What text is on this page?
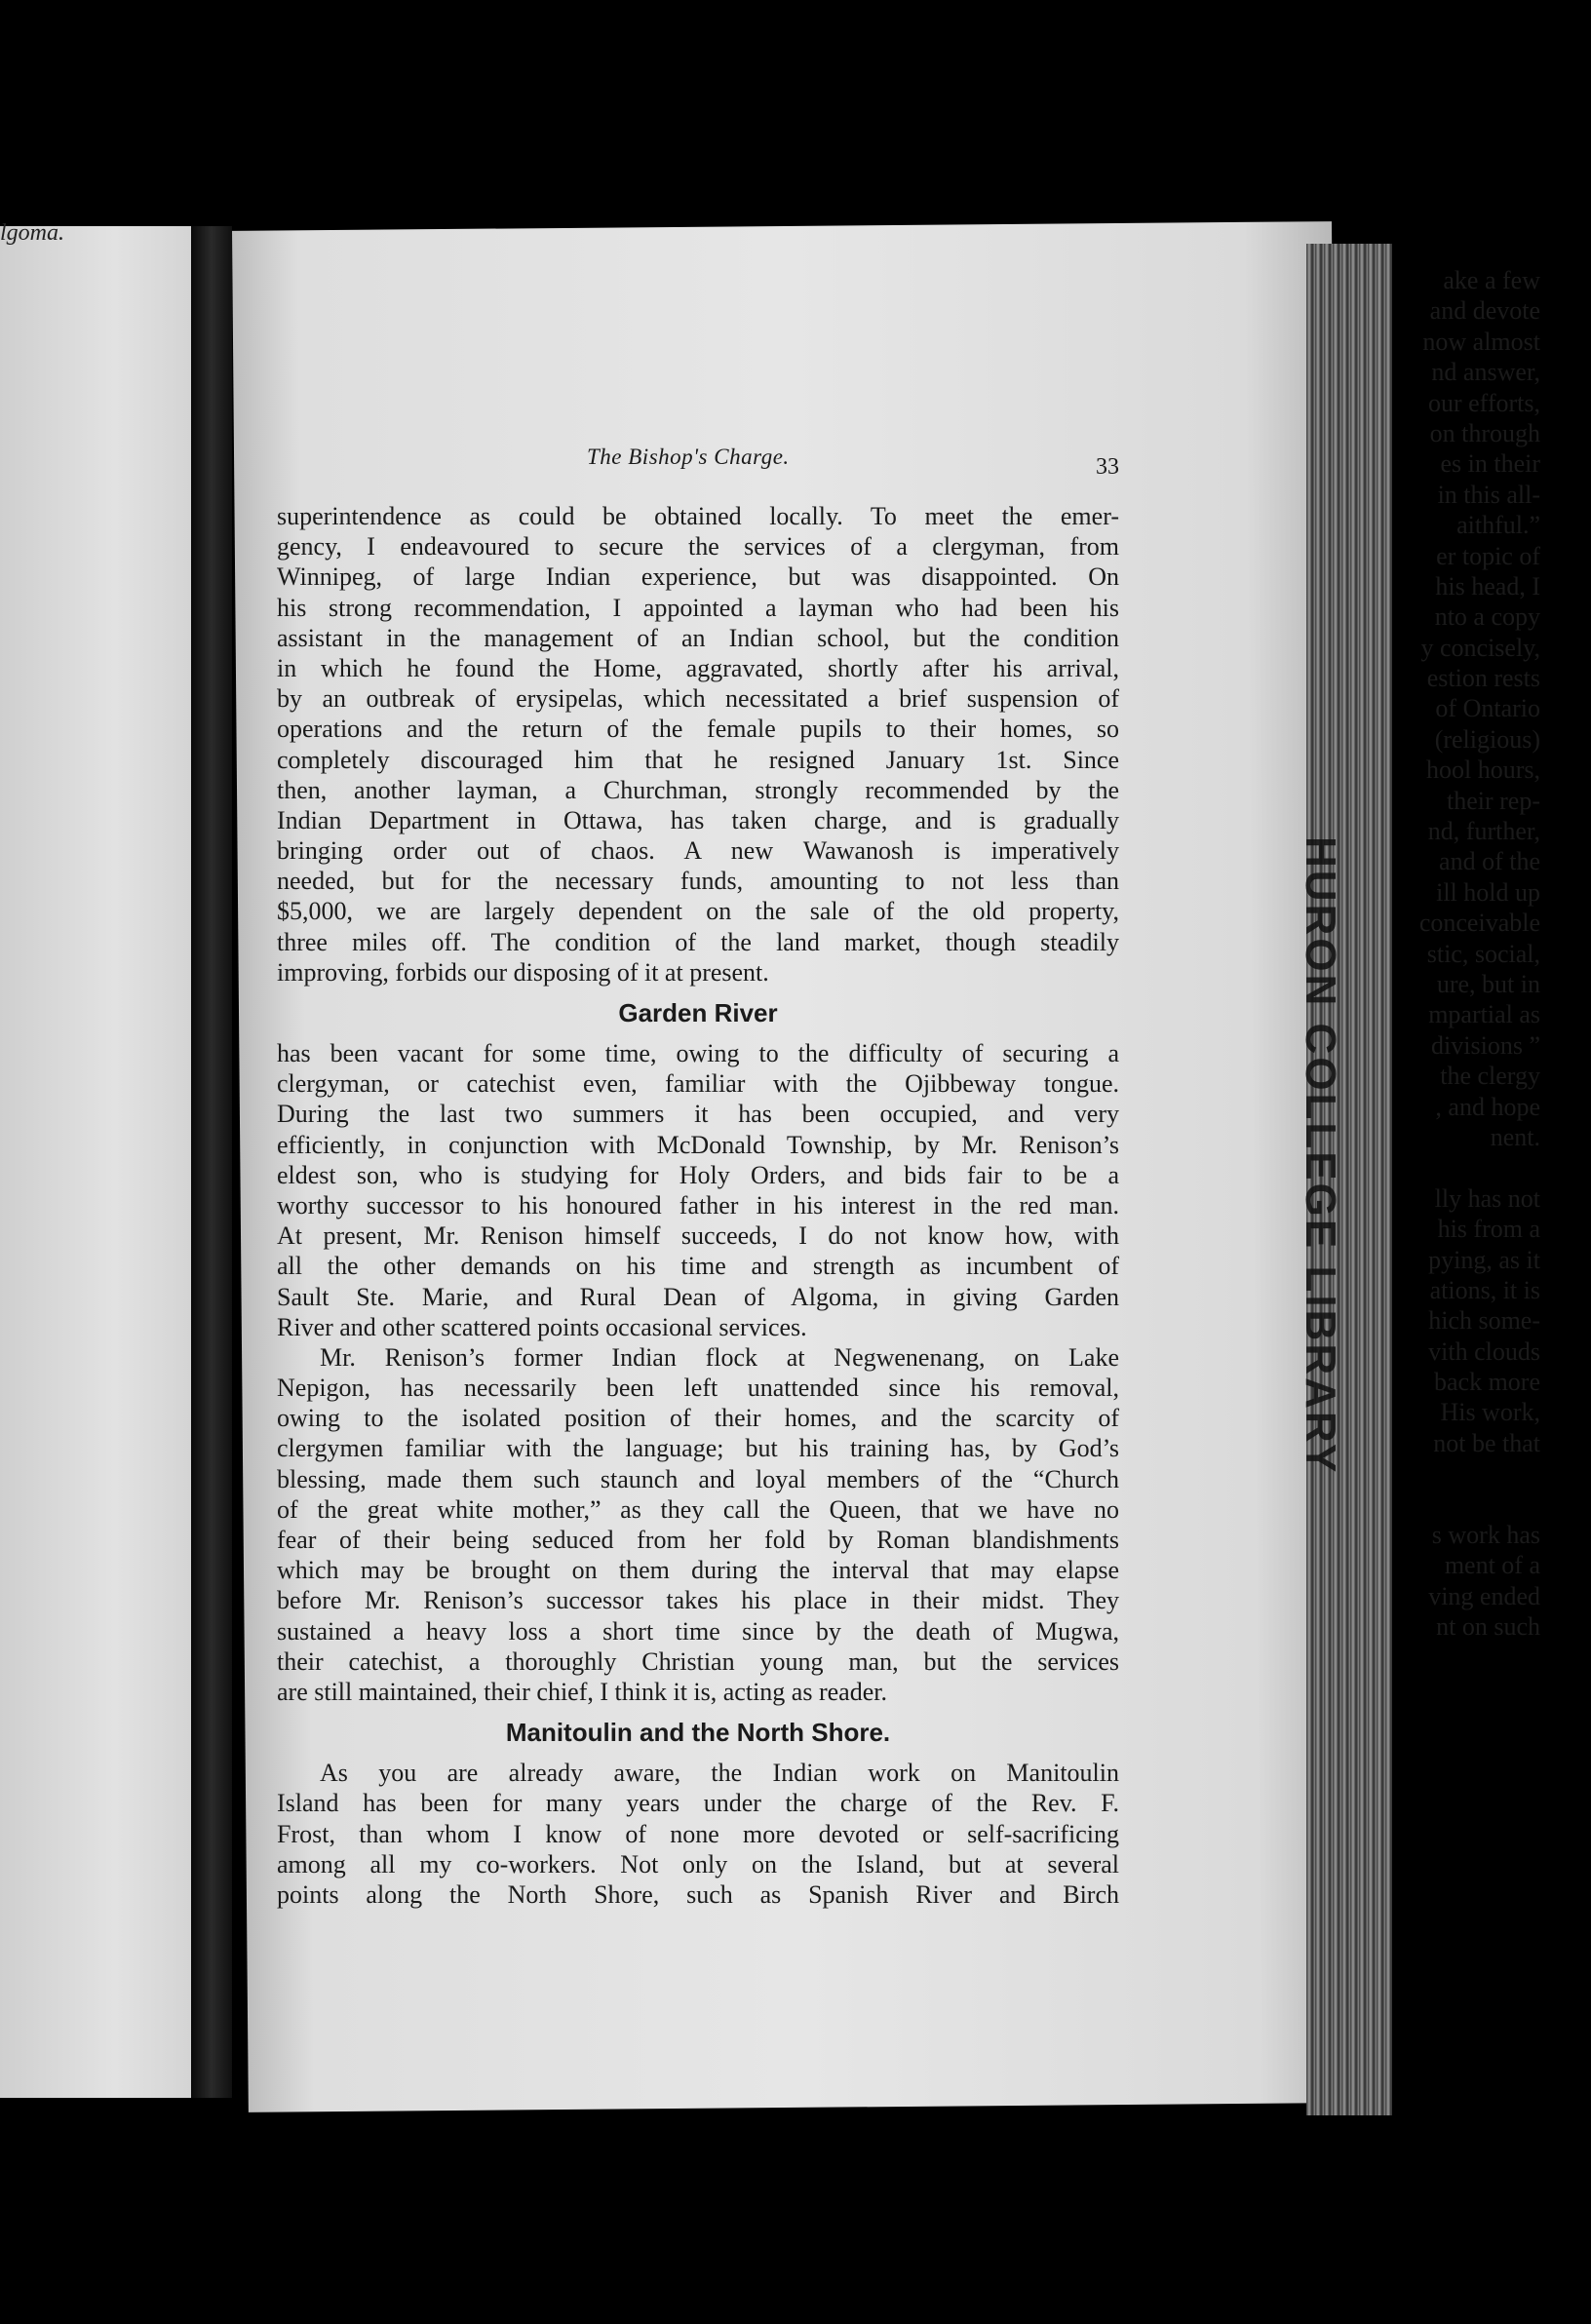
lgoma.
ake a few
and devote
now almost
nd answer,
our efforts,
on through
es in their
in this all-
aithful.”
er topic of
his head, I
nto a copy
y concisely,
estion rests
of Ontario
(religious)
hool hours,
their rep-
nd, further,
and of the
ill hold up
conceivable
stic, social,
ure, but in
mpartial as
divisions ”
the clergy
, and hope
nent.
lly has not
his from a
pying, as it
ations, it is
hich some-
vith clouds
back more
His work,
not be that
s work has
ment of a
ving ended
nt on such
The Bishop's Charge.	33
superintendence as could be obtained locally. To meet the emer-
gency, I endeavoured to secure the services of a clergyman, from
Winnipeg, of large Indian experience, but was disappointed. On
his strong recommendation, I appointed a layman who had been his
assistant in the management of an Indian school, but the condition
in which he found the Home, aggravated, shortly after his arrival,
by an outbreak of erysipelas, which necessitated a brief suspension of
operations and the return of the female pupils to their homes, so
completely discouraged him that he resigned January 1st. Since
then, another layman, a Churchman, strongly recommended by the
Indian Department in Ottawa, has taken charge, and is gradually
bringing order out of chaos. A new Wawanosh is imperatively
needed, but for the necessary funds, amounting to not less than
$5,000, we are largely dependent on the sale of the old property,
three miles off. The condition of the land market, though steadily
improving, forbids our disposing of it at present.
Garden River
has been vacant for some time, owing to the difficulty of securing a
clergyman, or catechist even, familiar with the Ojibbeway tongue.
During the last two summers it has been occupied, and very
efficiently, in conjunction with McDonald Township, by Mr. Renison’s
eldest son, who is studying for Holy Orders, and bids fair to be a
worthy successor to his honoured father in his interest in the red man.
At present, Mr. Renison himself succeeds, I do not know how, with
all the other demands on his time and strength as incumbent of
Sault Ste. Marie, and Rural Dean of Algoma, in giving Garden
River and other scattered points occasional services.
Mr. Renison’s former Indian flock at Negwenenang, on Lake
Nepigon, has necessarily been left unattended since his removal,
owing to the isolated position of their homes, and the scarcity of
clergymen familiar with the language; but his training has, by God’s
blessing, made them such staunch and loyal members of the “Church
of the great white mother,” as they call the Queen, that we have no
fear of their being seduced from her fold by Roman blandishments
which may be brought on them during the interval that may elapse
before Mr. Renison’s successor takes his place in their midst. They
sustained a heavy loss a short time since by the death of Mugwa,
their catechist, a thoroughly Christian young man, but the services
are still maintained, their chief, I think it is, acting as reader.
Manitoulin and the North Shore.
As you are already aware, the Indian work on Manitoulin
Island has been for many years under the charge of the Rev. F.
Frost, than whom I know of none more devoted or self-sacrificing
among all my co-workers. Not only on the Island, but at several
points along the North Shore, such as Spanish River and Birch
HURON COLLEGE LIBRARY
